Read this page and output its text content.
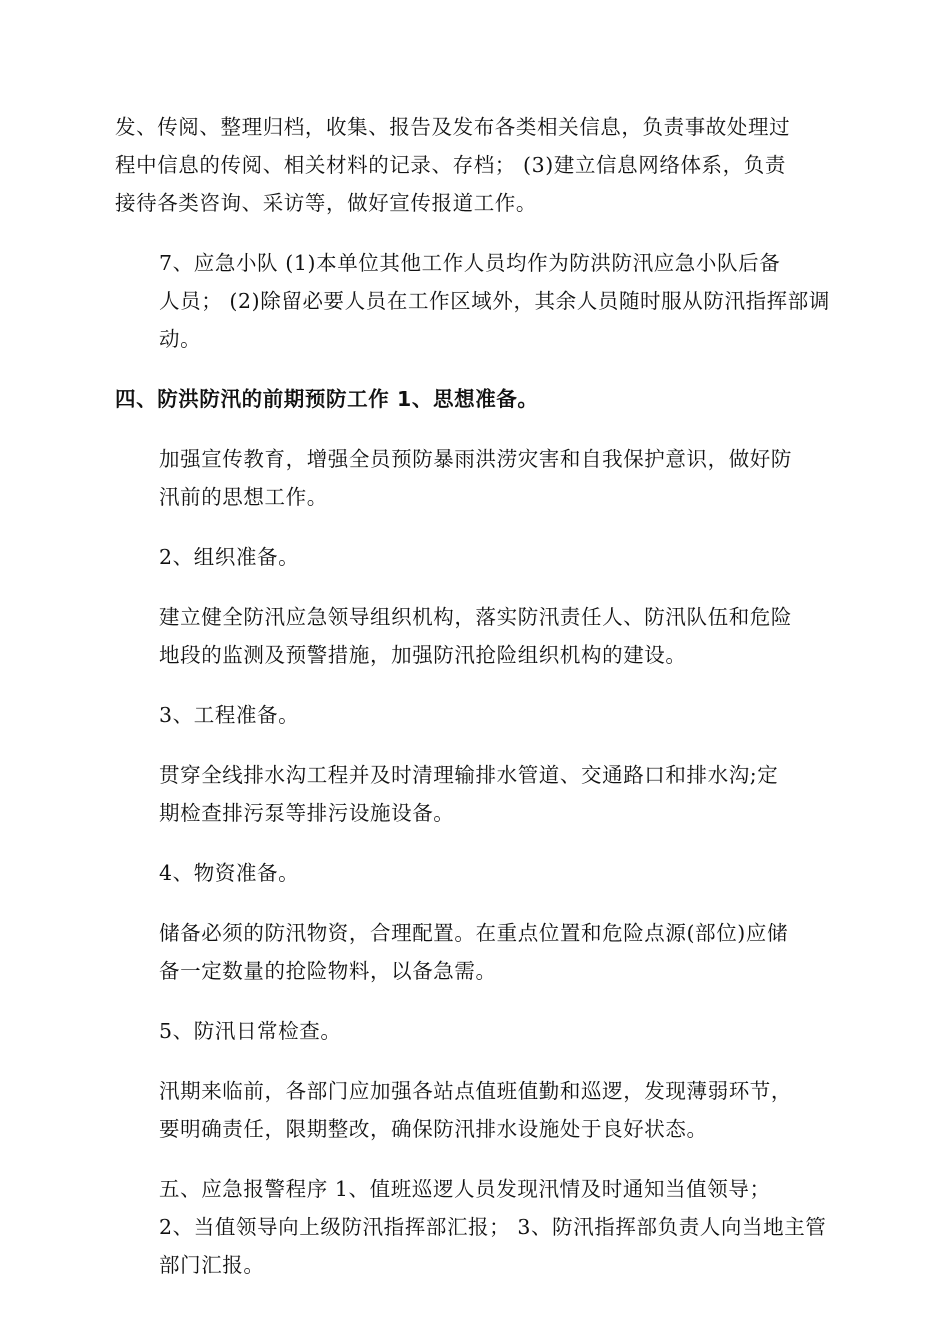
发、传阅、整理归档，收集、报告及发布各类相关信息，负责事故处理过
程中信息的传阅、相关材料的记录、存档； (3)建立信息网络体系，负责
接待各类咨询、采访等，做好宣传报道工作。

7、应急小队 (1)本单位其他工作人员均作为防洪防汛应急小队后备
人员； (2)除留必要人员在工作区域外，其余人员随时服从防汛指挥部调
动。

四、防洪防汛的前期预防工作 1、思想准备。

加强宣传教育，增强全员预防暴雨洪涝灾害和自我保护意识，做好防
汛前的思想工作。

2、组织准备。

建立健全防汛应急领导组织机构，落实防汛责任人、防汛队伍和危险
地段的监测及预警措施，加强防汛抢险组织机构的建设。

3、工程准备。

贯穿全线排水沟工程并及时清理输排水管道、交通路口和排水沟;定
期检查排污泵等排污设施设备。

4、物资准备。

储备必须的防汛物资，合理配置。在重点位置和危险点源(部位)应储
备一定数量的抢险物料，以备急需。

5、防汛日常检查。

汛期来临前，各部门应加强各站点值班值勤和巡逻，发现薄弱环节，
要明确责任，限期整改，确保防汛排水设施处于良好状态。

五、应急报警程序 1、值班巡逻人员发现汛情及时通知当值领导；
2、当值领导向上级防汛指挥部汇报； 3、防汛指挥部负责人向当地主管
部门汇报。
